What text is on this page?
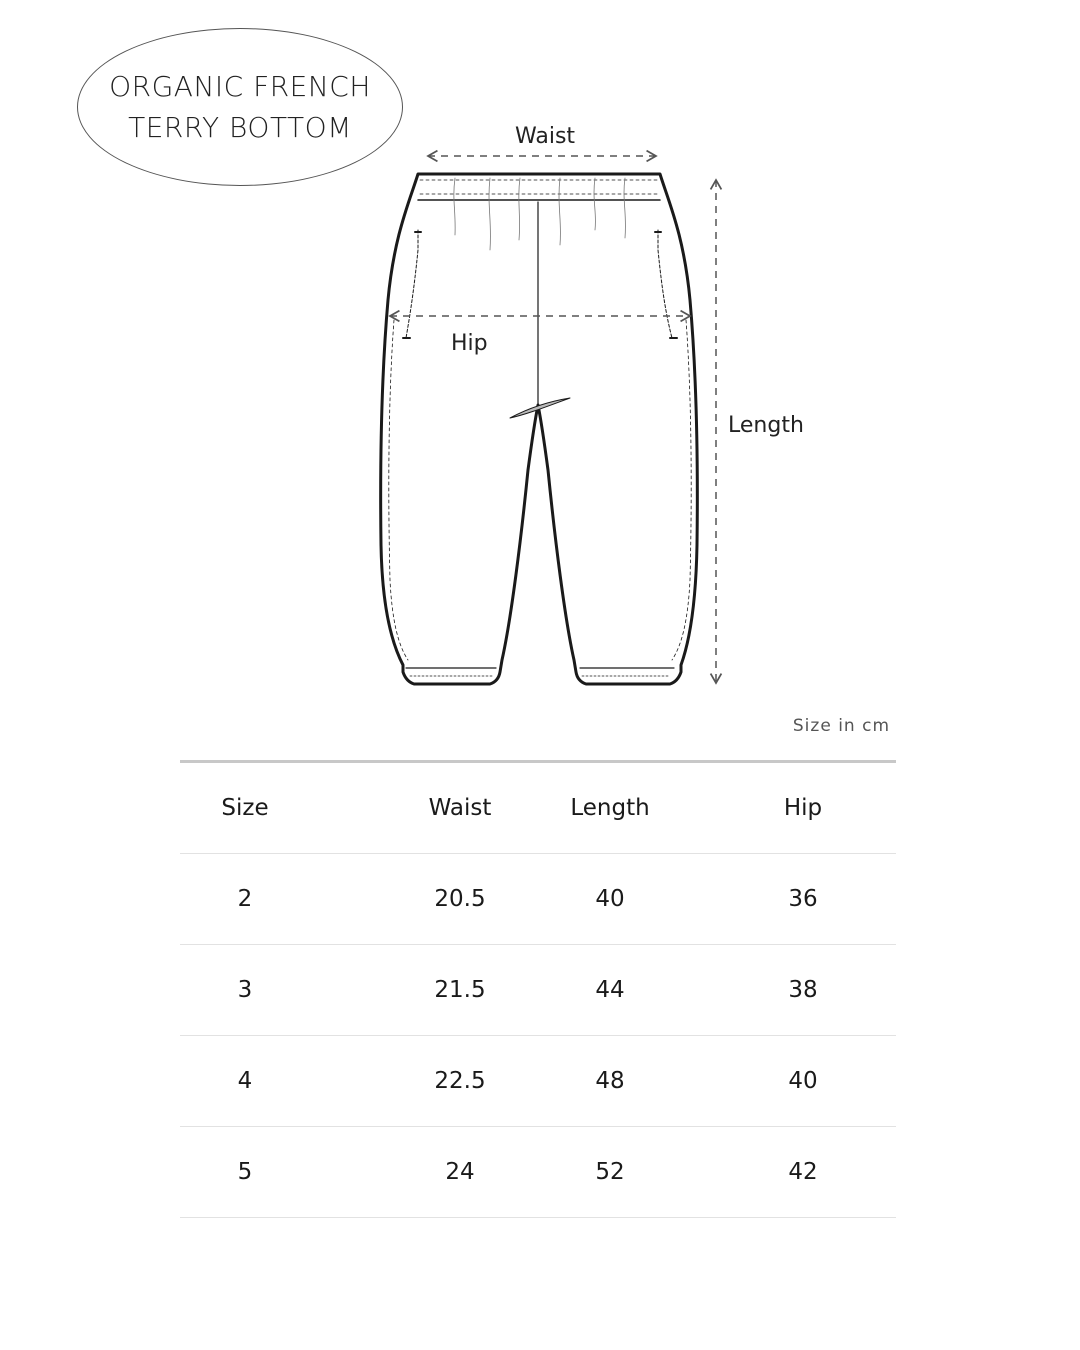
ORGANIC FRENCH
TERRY BOTTOM	Waist
Hip
Length
Size in cm
Size	Waist	Length	Hip
2	20.5	40	36
3	21.5	44	38
4	22.5	48	40
5	24	52	42
